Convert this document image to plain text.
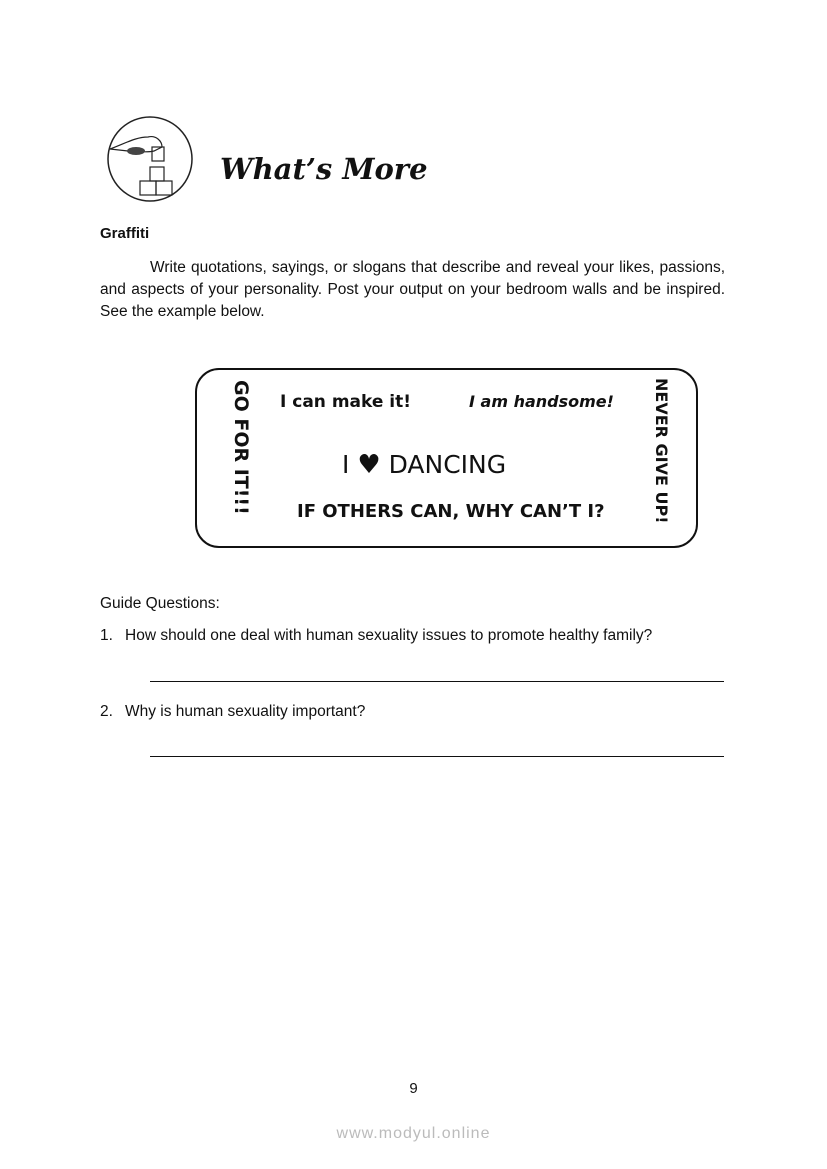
What’s More
Graffiti
Write quotations, sayings, or slogans that describe and reveal your likes, passions, and aspects of your personality. Post your output on your bedroom walls and be inspired. See the example below.
GO FOR IT!!!	NEVER GIVE UP!
I can make it!	I am handsome!
I ♥ DANCING
IF OTHERS CAN, WHY CAN’T I?
Guide Questions:
1. How should one deal with human sexuality issues to promote healthy family?
2. Why is human sexuality important?
9
www.modyul.online
